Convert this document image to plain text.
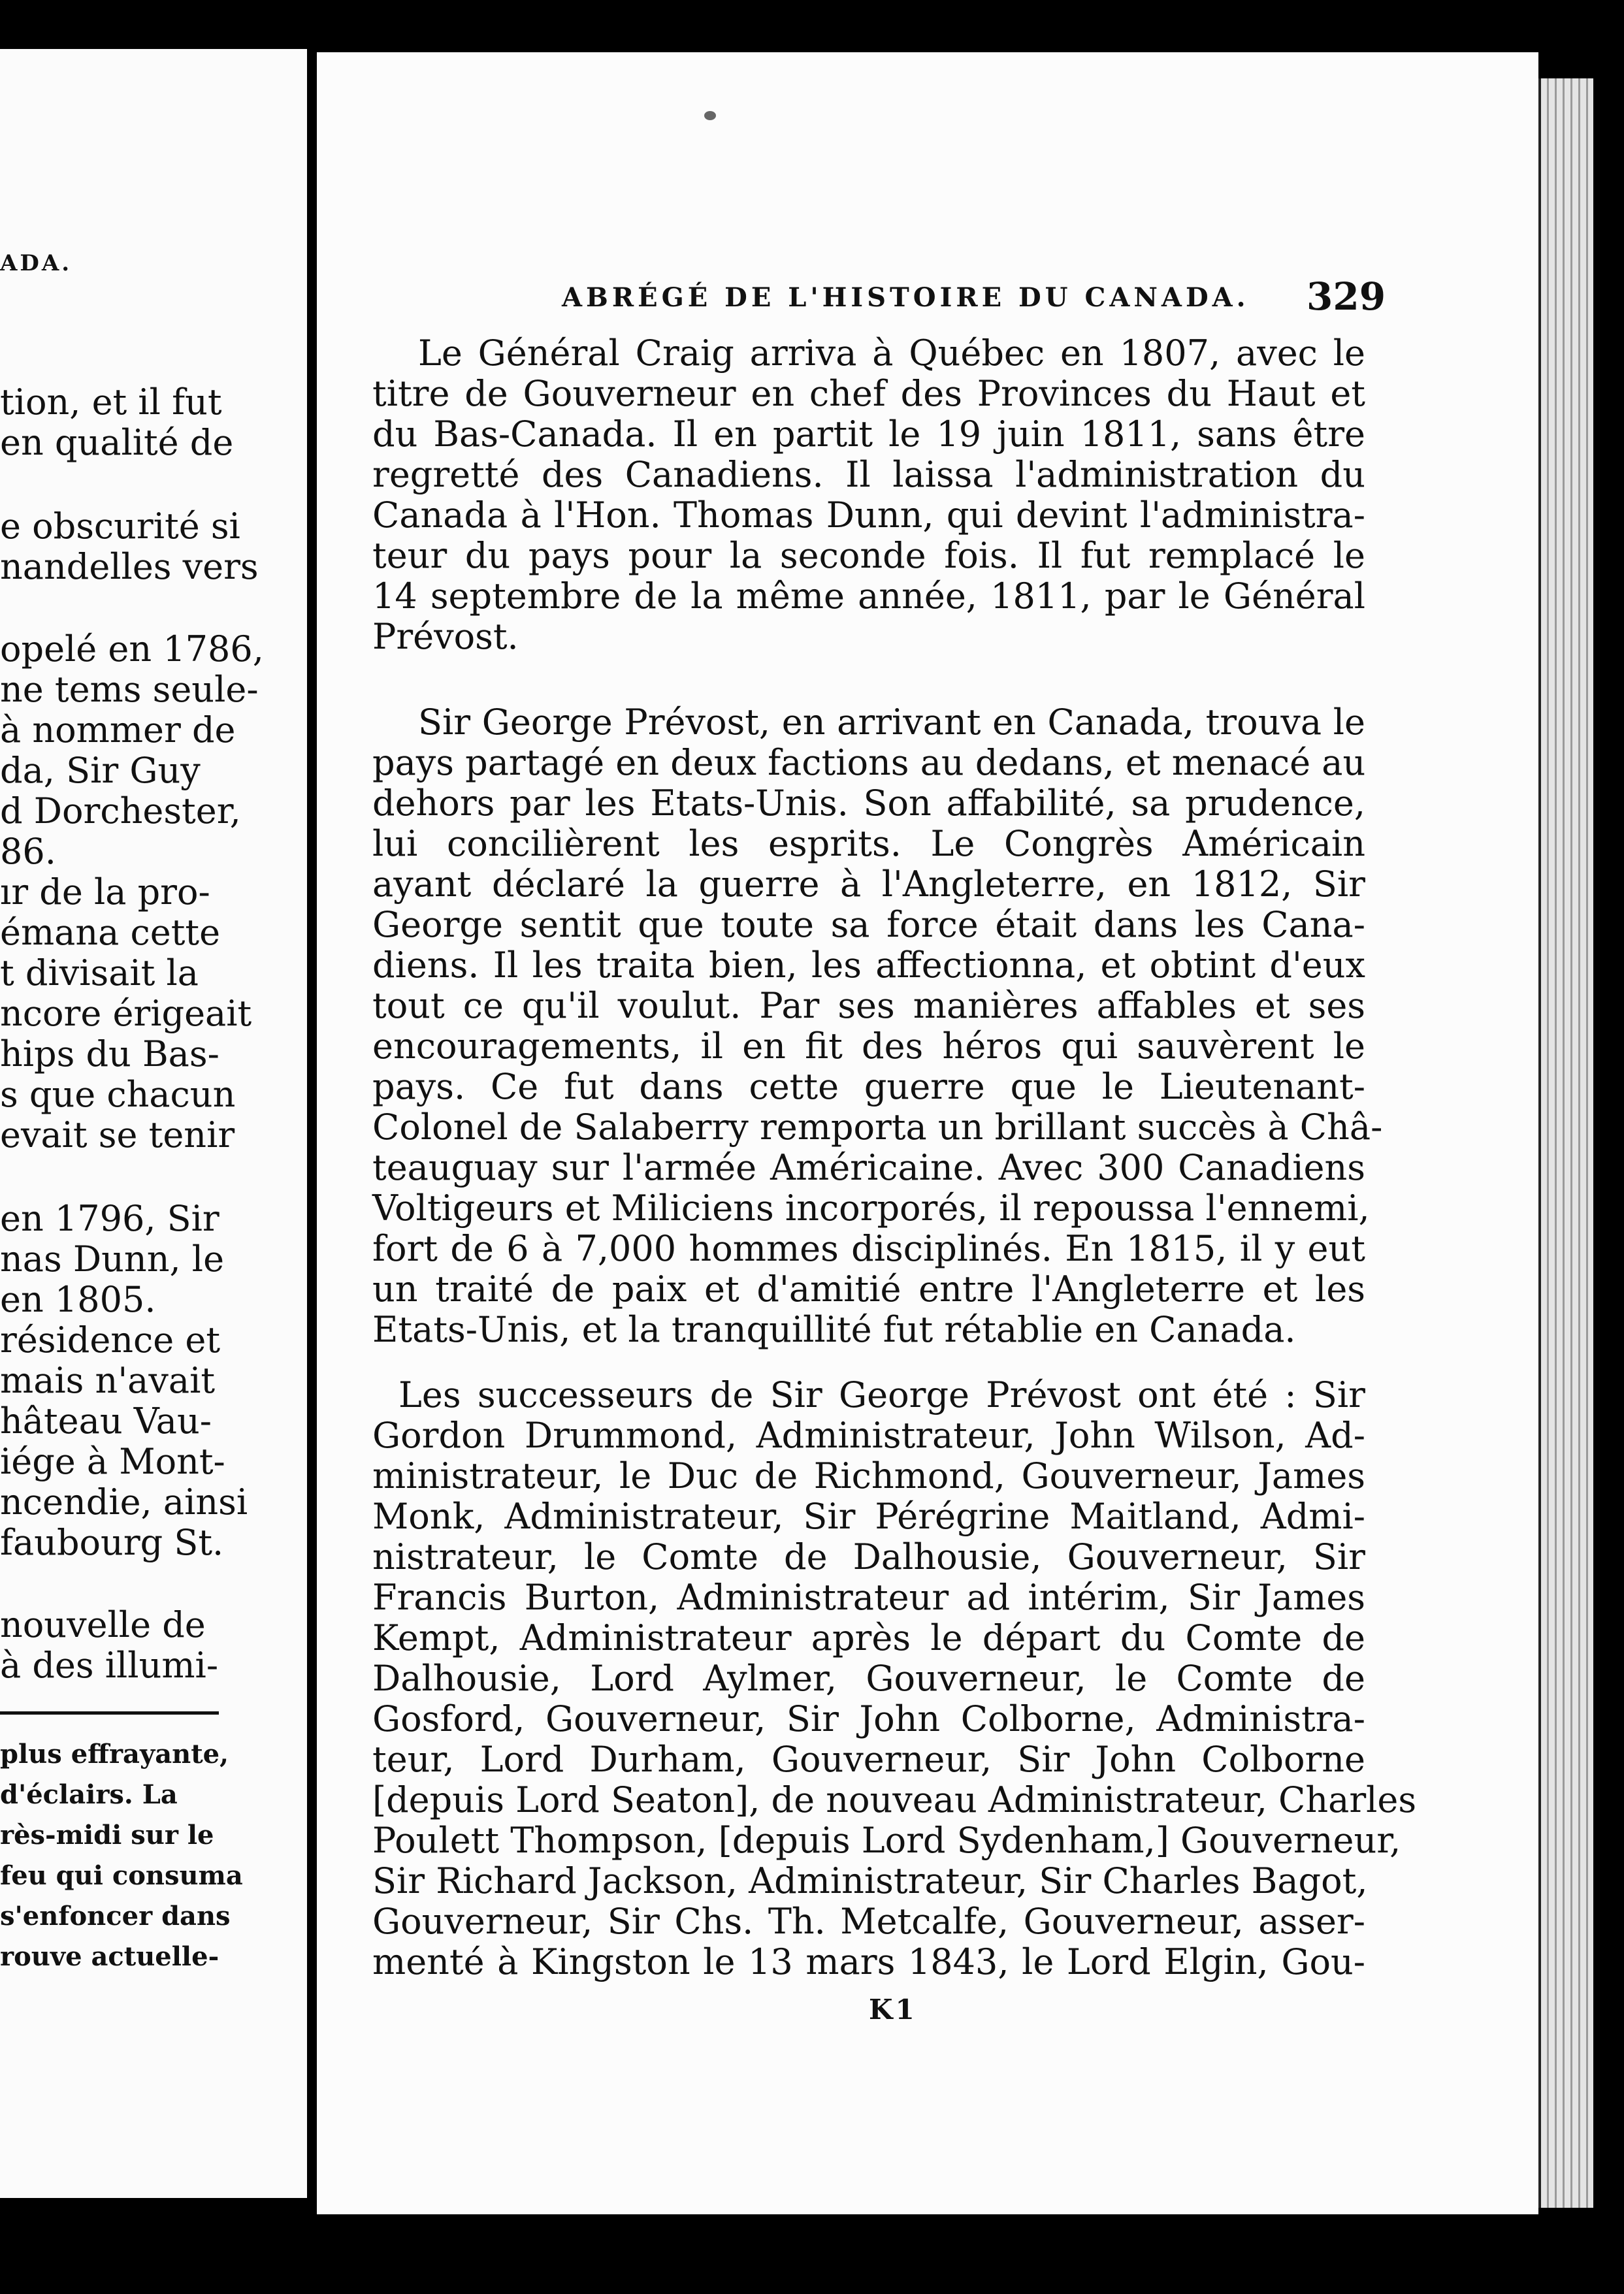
ADA.
tion, et il fut
en qualité de
e obscurité si
nandelles vers
opelé en 1786,
ne tems seule-
à nommer de
da, Sir Guy
d Dorchester,
86.
ır de la pro-
émana cette
t divisait la
ncore érigeait
hips du Bas-
s que chacun
evait se tenir
en 1796, Sir
nas Dunn, le
en 1805.
résidence et
mais n'avait
hâteau Vau-
iége à Mont-
ncendie, ainsi
faubourg St.
nouvelle de
à des illumi-
plus effrayante,
d'éclairs. La
rès-midi sur le
feu qui consuma
s'enfoncer dans
rouve actuelle-
ABRÉGÉ DE L'HISTOIRE DU CANADA. 329
Le Général Craig arriva à Québec en 1807, avec le
titre de Gouverneur en chef des Provinces du Haut et
du Bas-Canada. Il en partit le 19 juin 1811, sans être
regretté des Canadiens. Il laissa l'administration du
Canada à l'Hon. Thomas Dunn, qui devint l'administra-
teur du pays pour la seconde fois. Il fut remplacé le
14 septembre de la même année, 1811, par le Général
Prévost.
Sir George Prévost, en arrivant en Canada, trouva le
pays partagé en deux factions au dedans, et menacé au
dehors par les Etats-Unis. Son affabilité, sa prudence,
lui concilièrent les esprits. Le Congrès Américain
ayant déclaré la guerre à l'Angleterre, en 1812, Sir
George sentit que toute sa force était dans les Cana-
diens. Il les traita bien, les affectionna, et obtint d'eux
tout ce qu'il voulut. Par ses manières affables et ses
encouragements, il en fit des héros qui sauvèrent le
pays. Ce fut dans cette guerre que le Lieutenant-
Colonel de Salaberry remporta un brillant succès à Châ-
teauguay sur l'armée Américaine. Avec 300 Canadiens
Voltigeurs et Miliciens incorporés, il repoussa l'ennemi,
fort de 6 à 7,000 hommes disciplinés. En 1815, il y eut
un traité de paix et d'amitié entre l'Angleterre et les
Etats-Unis, et la tranquillité fut rétablie en Canada.
Les successeurs de Sir George Prévost ont été : Sir
Gordon Drummond, Administrateur, John Wilson, Ad-
ministrateur, le Duc de Richmond, Gouverneur, James
Monk, Administrateur, Sir Pérégrine Maitland, Admi-
nistrateur, le Comte de Dalhousie, Gouverneur, Sir
Francis Burton, Administrateur ad intérim, Sir James
Kempt, Administrateur après le départ du Comte de
Dalhousie, Lord Aylmer, Gouverneur, le Comte de
Gosford, Gouverneur, Sir John Colborne, Administra-
teur, Lord Durham, Gouverneur, Sir John Colborne
[depuis Lord Seaton], de nouveau Administrateur, Charles
Poulett Thompson, [depuis Lord Sydenham,] Gouverneur,
Sir Richard Jackson, Administrateur, Sir Charles Bagot,
Gouverneur, Sir Chs. Th. Metcalfe, Gouverneur, asser-
menté à Kingston le 13 mars 1843, le Lord Elgin, Gou-
K1
